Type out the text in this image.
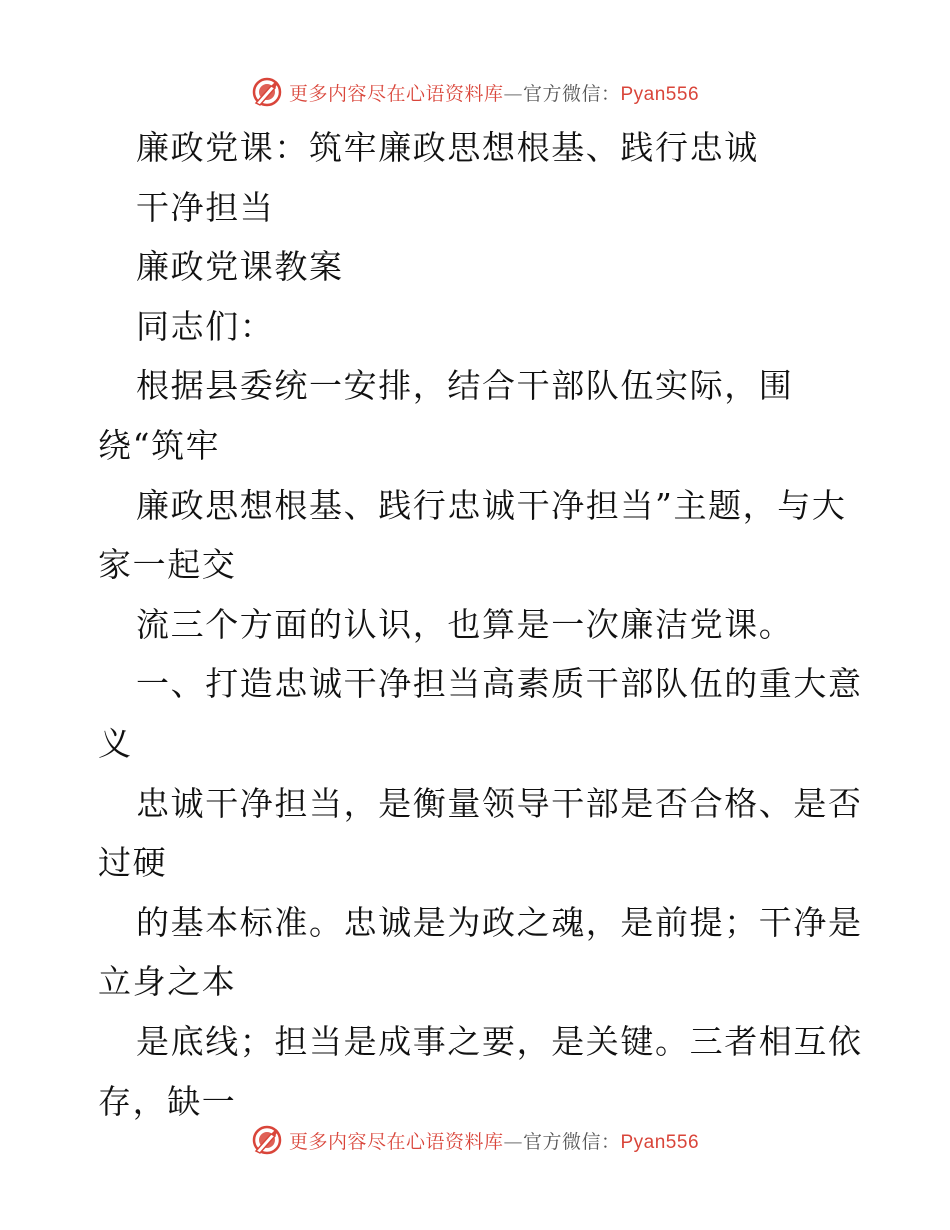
更多内容尽在心语资料库—官方微信：Pyan556
廉政党课：筑牢廉政思想根基、践行忠诚
干净担当
廉政党课教案
同志们：
根据县委统一安排，结合干部队伍实际，围
绕“筑牢
廉政思想根基、践行忠诚干净担当”主题，与大
家一起交
流三个方面的认识，也算是一次廉洁党课。
一、打造忠诚干净担当高素质干部队伍的重大意
义
忠诚干净担当，是衡量领导干部是否合格、是否
过硬
的基本标准。忠诚是为政之魂，是前提；干净是
立身之本
是底线；担当是成事之要，是关键。三者相互依
存，缺一
更多内容尽在心语资料库—官方微信：Pyan556
